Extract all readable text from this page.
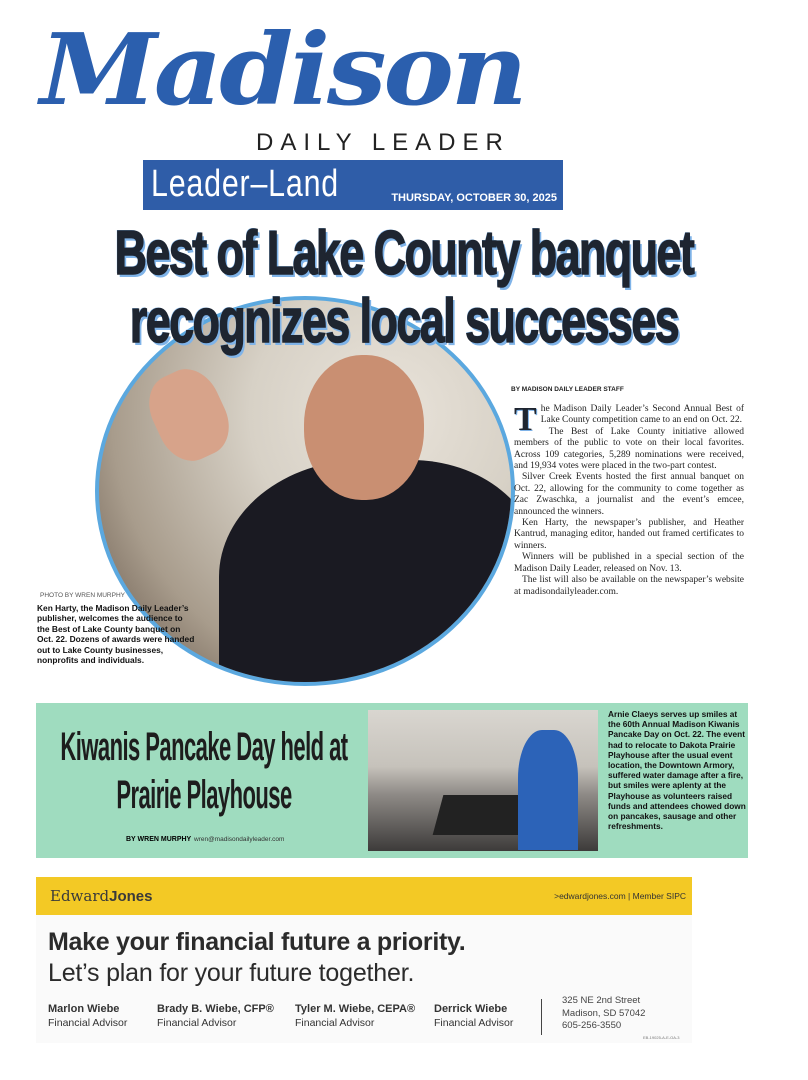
Madison
DAILY LEADER
Leader–Land	THURSDAY, OCTOBER 30, 2025
Best of Lake County banquet
recognizes local successes
PHOTO BY WREN MURPHY
Ken Harty, the Madison Daily Leader’s publisher, welcomes the audience to the Best of Lake County banquet on Oct. 22. Dozens of awards were handed out to Lake County businesses, nonprofits and individuals.
BY MADISON DAILY LEADER STAFF

The Madison Daily Leader’s Second Annual Best of Lake County competition came to an end on Oct. 22.

The Best of Lake County initiative allowed members of the public to vote on their local favorites. Across 109 categories, 5,289 nominations were received, and 19,934 votes were placed in the two-part contest.

Silver Creek Events hosted the first annual banquet on Oct. 22, allowing for the community to come together as Zac Zwaschka, a journalist and the event’s emcee, announced the winners.

Ken Harty, the newspaper’s publisher, and Heather Kantrud, managing editor, handed out framed certificates to winners.

Winners will be published in a special section of the Madison Daily Leader, released on Nov. 13.

The list will also be available on the newspaper’s website at madisondailyleader.com.

Kiwanis Pancake Day held at Prairie Playhouse
BY WREN MURPHY wren@madisondailyleader.com
Arnie Claeys serves up smiles at the 60th Annual Madison Kiwanis Pancake Day on Oct. 22. The event had to relocate to Dakota Prairie Playhouse after the usual event location, the Downtown Armory, suffered water damage after a fire, but smiles were aplenty at the Playhouse as volunteers raised funds and attendees chowed down on pancakes, sausage and other refreshments.
EdwardJones	>edwardjones.com | Member SIPC
Make your financial future a priority.
Let’s plan for your future together.
Marlon Wiebe
Financial Advisor
Brady B. Wiebe, CFP®
Financial Advisor
Tyler M. Wiebe, CEPA®
Financial Advisor
Derrick Wiebe
Financial Advisor
325 NE 2nd Street
Madison, SD 57042
605-256-3550
EB-19025-A-E-OA-3
